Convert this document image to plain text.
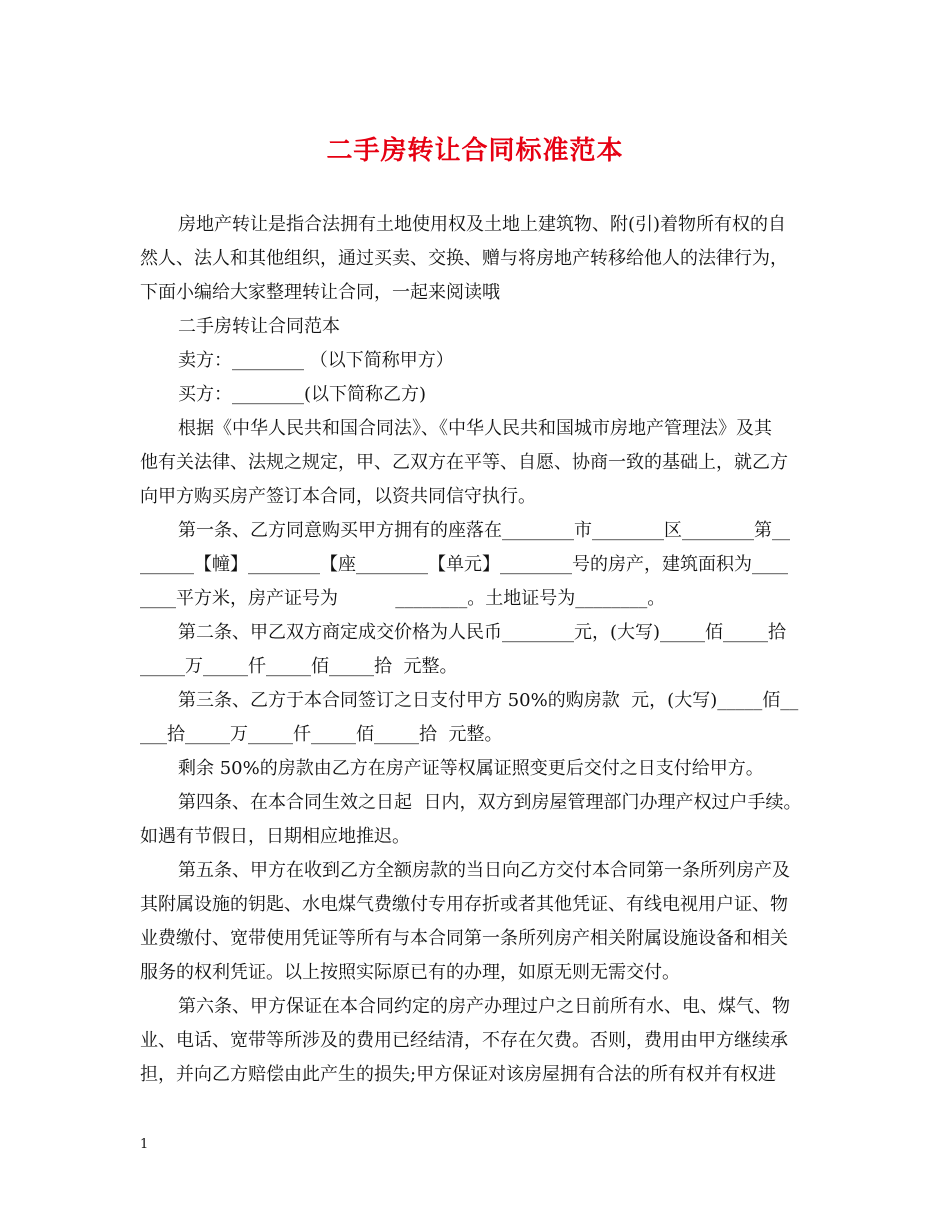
二手房转让合同标准范本
房地产转让是指合法拥有土地使用权及土地上建筑物、附(引)着物所有权的自
然人、法人和其他组织，通过买卖、交换、赠与将房地产转移给他人的法律行为，
下面小编给大家整理转让合同，一起来阅读哦
二手房转让合同范本
卖方：________ （以下简称甲方）
买方：________(以下简称乙方)
根据《中华人民共和国合同法》、《中华人民共和国城市房地产管理法》及其
他有关法律、法规之规定，甲、乙双方在平等、自愿、协商一致的基础上，就乙方
向甲方购买房产签订本合同，以资共同信守执行。
第一条、乙方同意购买甲方拥有的座落在________市________区________第__
______【幢】________【座________【单元】________号的房产，建筑面积为____
____平方米，房产证号为          ________。土地证号为________。
第二条、甲乙双方商定成交价格为人民币________元，(大写)_____佰_____拾
_____万_____仟_____佰_____拾  元整。
第三条、乙方于本合同签订之日支付甲方 50%的购房款  元，(大写)_____佰__
___拾_____万_____仟_____佰_____拾  元整。
剩余 50%的房款由乙方在房产证等权属证照变更后交付之日支付给甲方。
第四条、在本合同生效之日起  日内，双方到房屋管理部门办理产权过户手续。
如遇有节假日，日期相应地推迟。
第五条、甲方在收到乙方全额房款的当日向乙方交付本合同第一条所列房产及
其附属设施的钥匙、水电煤气费缴付专用存折或者其他凭证、有线电视用户证、物
业费缴付、宽带使用凭证等所有与本合同第一条所列房产相关附属设施设备和相关
服务的权利凭证。以上按照实际原已有的办理，如原无则无需交付。
第六条、甲方保证在本合同约定的房产办理过户之日前所有水、电、煤气、物
业、电话、宽带等所涉及的费用已经结清，不存在欠费。否则，费用由甲方继续承
担，并向乙方赔偿由此产生的损失;甲方保证对该房屋拥有合法的所有权并有权进
1
